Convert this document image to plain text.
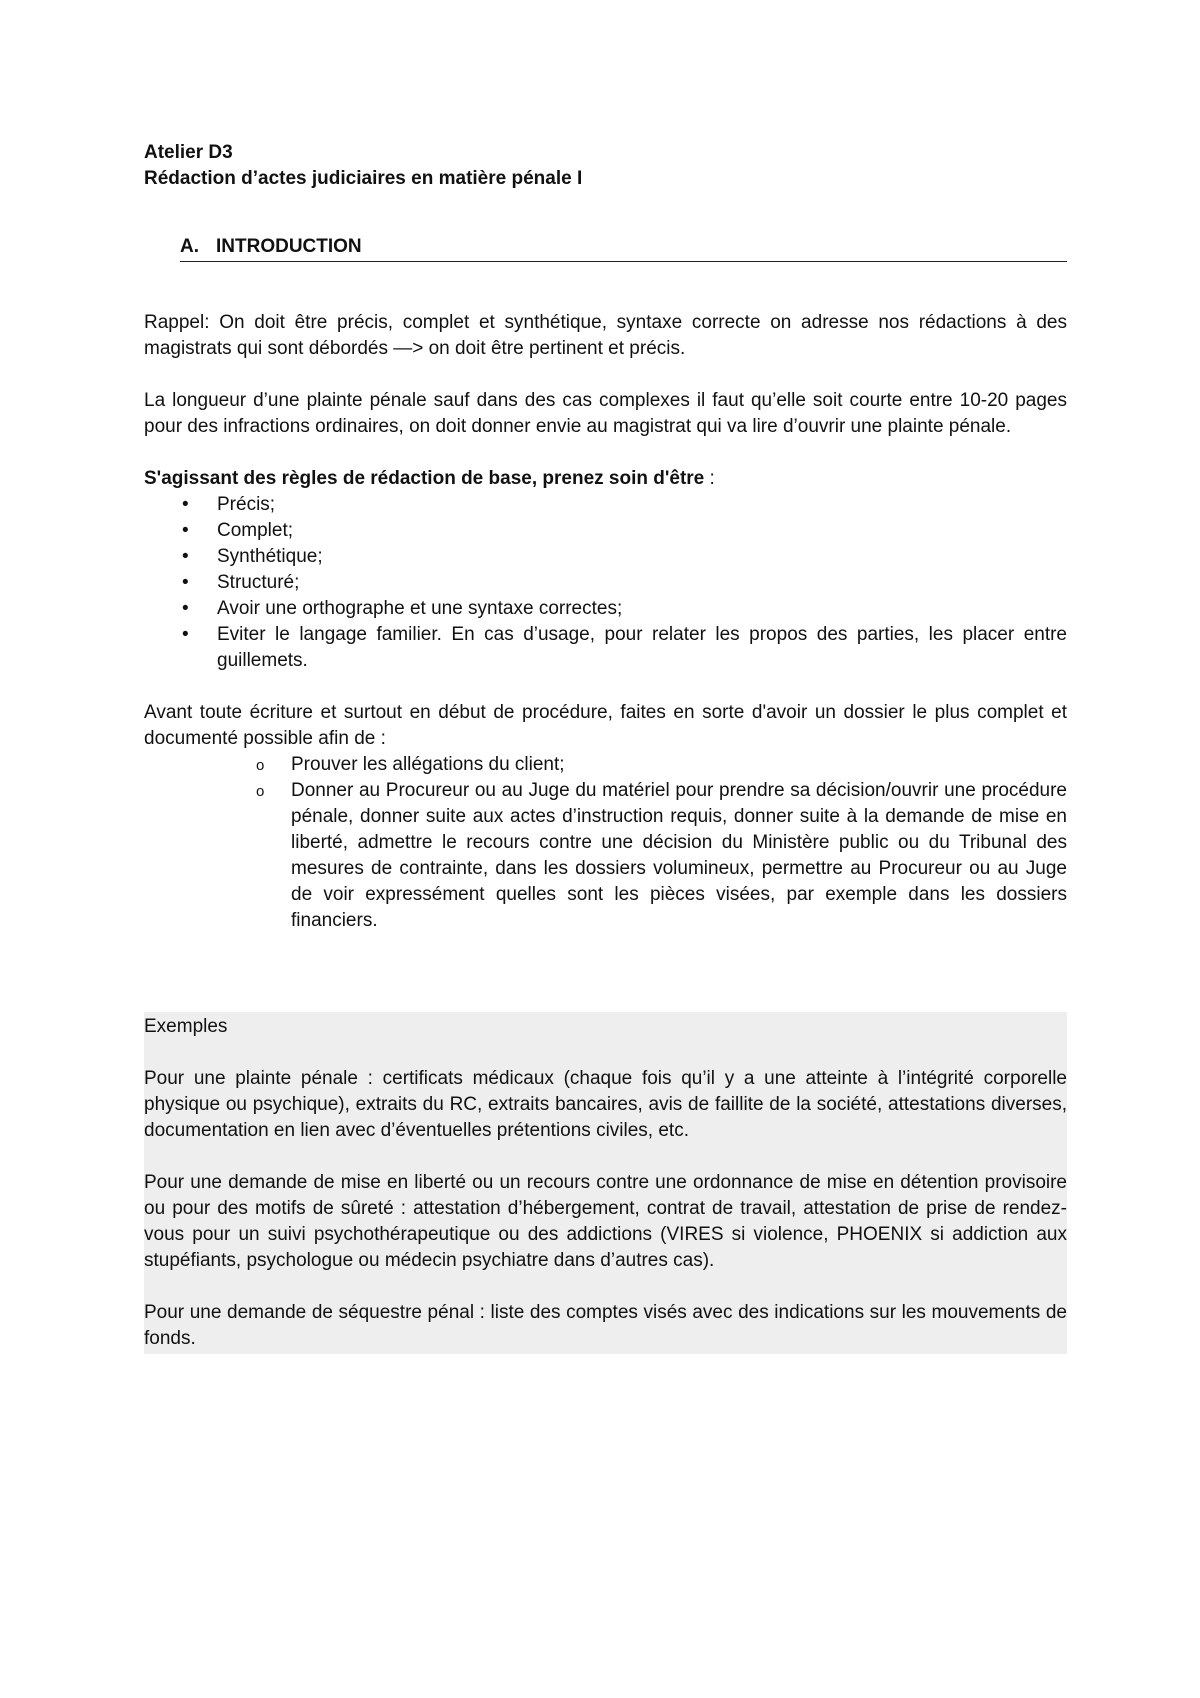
Atelier D3

Rédaction d’actes judiciaires en matière pénale I

A. INTRODUCTION

Rappel: On doit être précis, complet et synthétique, syntaxe correcte on adresse nos rédactions à des magistrats qui sont débordés —> on doit être pertinent et précis.

La longueur d’une plainte pénale sauf dans des cas complexes il faut qu’elle soit courte entre 10-20 pages pour des infractions ordinaires, on doit donner envie au magistrat qui va lire d’ouvrir une plainte pénale.

S'agissant des règles de rédaction de base, prenez soin d'être :

• Précis;
• Complet;
• Synthétique;
• Structuré;
• Avoir une orthographe et une syntaxe correctes;
• Eviter le langage familier. En cas d’usage, pour relater les propos des parties, les placer entre guillemets.

Avant toute écriture et surtout en début de procédure, faites en sorte d'avoir un dossier le plus complet et documenté possible afin de :

o Prouver les allégations du client;
o Donner au Procureur ou au Juge du matériel pour prendre sa décision/ouvrir une procédure pénale, donner suite aux actes d’instruction requis, donner suite à la demande de mise en liberté, admettre le recours contre une décision du Ministère public ou du Tribunal des mesures de contrainte, dans les dossiers volumineux, permettre au Procureur ou au Juge de voir expressément quelles sont les pièces visées, par exemple dans les dossiers financiers.

Exemples

Pour une plainte pénale : certificats médicaux (chaque fois qu’il y a une atteinte à l’intégrité corporelle physique ou psychique), extraits du RC, extraits bancaires, avis de faillite de la société, attestations diverses, documentation en lien avec d’éventuelles prétentions civiles, etc.

Pour une demande de mise en liberté ou un recours contre une ordonnance de mise en détention provisoire ou pour des motifs de sûreté : attestation d’hébergement, contrat de travail, attestation de prise de rendez-vous pour un suivi psychothérapeutique ou des addictions (VIRES si violence, PHOENIX si addiction aux stupéfiants, psychologue ou médecin psychiatre dans d’autres cas).

Pour une demande de séquestre pénal : liste des comptes visés avec des indications sur les mouvements de fonds.
